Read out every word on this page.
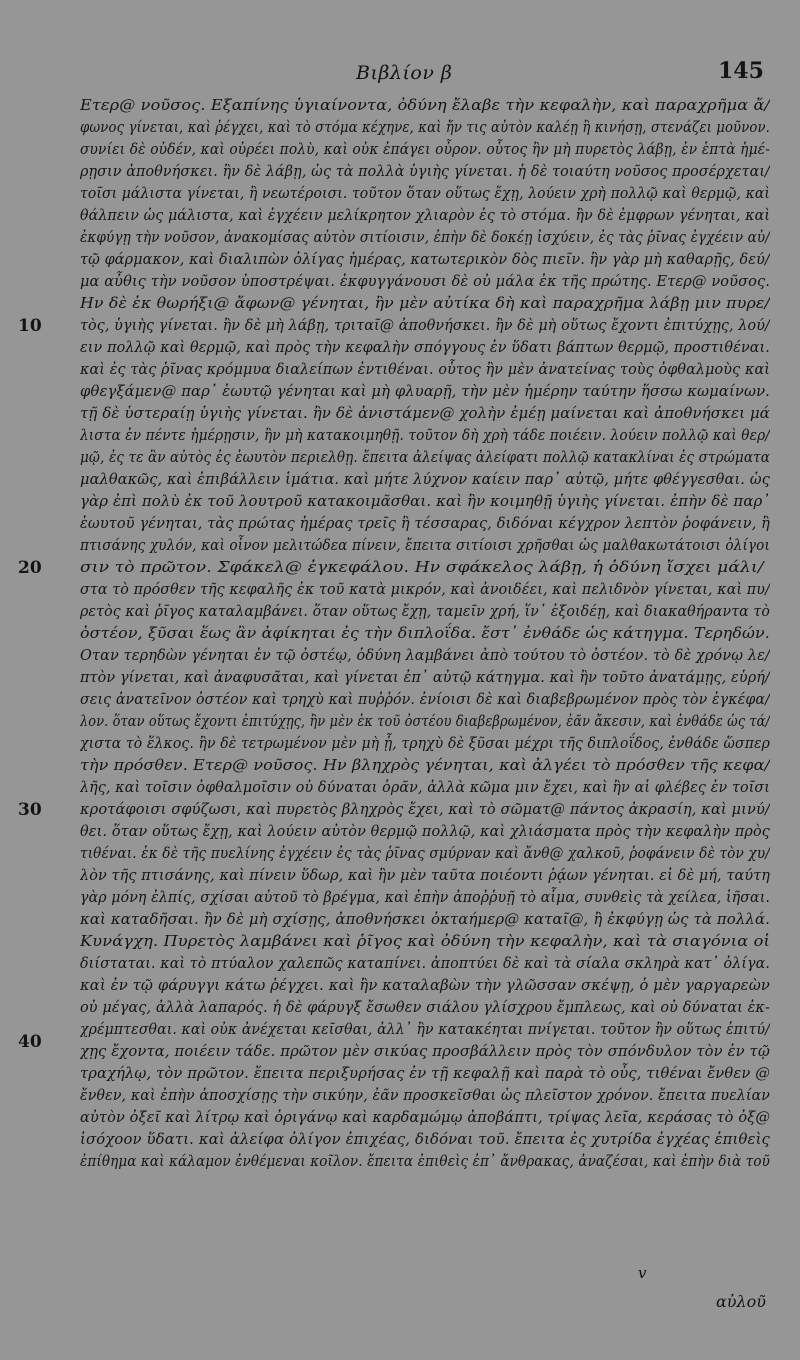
Βιβλίον β	145
10
20
30
40
Ετερ@ νοῦσος. Εξαπίνης ὑγιαίνοντα, ὀδύνη ἔλαβε τὴν κεφαλὴν, καὶ παραχρῆμα ἄ/
φωνος γίνεται, καὶ ῥέγχει, καὶ τὸ στόμα κέχηνε, καὶ ἤν τις αὐτὸν καλέῃ ἢ κινήσῃ, στενάζει μοῦνον.
συνίει δὲ οὐδέν, καὶ οὐρέει πολὺ, καὶ οὐκ ἐπάγει οὖρον. οὗτος ἢν μὴ πυρετὸς λάβῃ, ἐν ἑπτὰ ἡμέ-
ρῃσιν ἀποθνήσκει. ἢν δὲ λάβῃ, ὡς τὰ πολλὰ ὑγιὴς γίνεται. ἡ δὲ τοιαύτη νοῦσος προσέρχεται/
τοῖσι μάλιστα γίνεται, ἢ νεωτέροισι. τοῦτον ὅταν οὕτως ἔχῃ, λούειν χρὴ πολλῷ καὶ θερμῷ, καὶ
θάλπειν ὡς μάλιστα, καὶ ἐγχέειν μελίκρητον χλιαρὸν ἐς τὸ στόμα. ἢν δὲ ἐμφρων γένηται, καὶ
ἐκφύγῃ τὴν νοῦσον, ἀνακομίσας αὐτὸν σιτίοισιν, ἐπὴν δὲ δοκέῃ ἰσχύειν, ἐς τὰς ῥῖνας ἐγχέειν αὐ/
τῷ φάρμακον, καὶ διαλιπὼν ὀλίγας ἡμέρας, κατωτερικὸν δὸς πιεῖν. ἢν γὰρ μὴ καθαρῇς, δεύ/
μα αὖθις τὴν νοῦσον ὑποστρέψαι. ἐκφυγγάνουσι δὲ οὐ μάλα ἐκ τῆς πρώτης. Ετερ@ νοῦσος.
Ην δὲ ἐκ θωρήξι@ ἄφων@ γένηται, ἢν μὲν αὐτίκα δὴ καὶ παραχρῆμα λάβῃ μιν πυρε/
τὸς, ὑγιὴς γίνεται. ἢν δὲ μὴ λάβῃ, τριταῖ@ ἀποθνήσκει. ἢν δὲ μὴ οὕτως ἔχοντι ἐπιτύχῃς, λού/
ειν πολλῷ καὶ θερμῷ, καὶ πρὸς τὴν κεφαλὴν σπόγγους ἐν ὕδατι βάπτων θερμῷ, προστιθέναι.
καὶ ἐς τὰς ῥῖνας κρόμμυα διαλείπων ἐντιθέναι. οὗτος ἢν μὲν ἀνατείνας τοὺς ὀφθαλμοὺς καὶ
φθεγξάμεν@ παρ᾽ ἑωυτῷ γένηται καὶ μὴ φλυαρῇ, τὴν μὲν ἡμέρην ταύτην ἥσσω κωμαίνων.
τῇ δὲ ὑστεραίῃ ὑγιὴς γίνεται. ἢν δὲ ἀνιστάμεν@ χολὴν ἐμέῃ μαίνεται καὶ ἀποθνήσκει μά
λιστα ἐν πέντε ἡμέρῃσιν, ἢν μὴ κατακοιμηθῇ. τοῦτον δὴ χρὴ τάδε ποιέειν. λούειν πολλῷ καὶ θερ/
μῷ, ἐς τε ἂν αὐτὸς ἐς ἑωυτὸν περιελθῃ. ἔπειτα ἀλείψας ἀλείφατι πολλῷ κατακλίναι ἐς στρώματα
μαλθακῶς, καὶ ἐπιβάλλειν ἱμάτια. καὶ μήτε λύχνον καίειν παρ᾽ αὐτῷ, μήτε φθέγγεσθαι. ὡς
γὰρ ἐπὶ πολὺ ἐκ τοῦ λουτροῦ κατακοιμᾶσθαι. καὶ ἢν κοιμηθῇ ὑγιὴς γίνεται. ἐπὴν δὲ παρ᾽
ἑωυτοῦ γένηται, τὰς πρώτας ἡμέρας τρεῖς ἢ τέσσαρας, διδόναι κέγχρον λεπτὸν ῥοφάνειν, ἢ
πτισάνης χυλόν, καὶ οἶνον μελιτώδεα πίνειν, ἔπειτα σιτίοισι χρῆσθαι ὡς μαλθακωτάτοισι ὀλίγοι
σιν τὸ πρῶτον. Σφάκελ@ ἐγκεφάλου. Ην σφάκελος λάβῃ, ἡ ὀδύνη ἴσχει μάλι/
στα τὸ πρόσθεν τῆς κεφαλῆς ἐκ τοῦ κατὰ μικρόν, καὶ ἀνοιδέει, καὶ πελιδνὸν γίνεται, καὶ πυ/
ρετὸς καὶ ῥῖγος καταλαμβάνει. ὅταν οὕτως ἔχῃ, ταμεῖν χρή, ἵν᾽ ἐξοιδέῃ, καὶ διακαθήραντα τὸ
ὀστέον, ξῦσαι ἕως ἂν ἀφίκηται ἐς τὴν διπλοΐδα. ἔστ᾽ ἐνθάδε ὡς κάτηγμα. Τερηδών.
Οταν τερηδὼν γένηται ἐν τῷ ὀστέῳ, ὀδύνη λαμβάνει ἀπὸ τούτου τὸ ὀστέον. τὸ δὲ χρόνῳ λε/
πτὸν γίνεται, καὶ ἀναφυσᾶται, καὶ γίνεται ἐπ᾽ αὐτῷ κάτηγμα. καὶ ἢν τοῦτο ἀνατάμῃς, εὑρή/
σεις ἀνατεῖνον ὀστέον καὶ τρηχὺ καὶ πυῤῥόν. ἐνίοισι δὲ καὶ διαβεβρωμένον πρὸς τὸν ἐγκέφα/
λον. ὅταν οὕτως ἔχοντι ἐπιτύχῃς, ἢν μὲν ἐκ τοῦ ὀστέου διαβεβρωμένον, ἐᾶν ἄκεσιν, καὶ ἐνθάδε ὡς τά/
χιστα τὸ ἕλκος. ἢν δὲ τετρωμένον μὲν μὴ ᾖ, τρηχὺ δὲ ξῦσαι μέχρι τῆς διπλοΐδος, ἐνθάδε ὥσπερ
τὴν πρόσθεν. Ετερ@ νοῦσος. Ην βληχρὸς γένηται, καὶ ἀλγέει τὸ πρόσθεν τῆς κεφα/
λῆς, καὶ τοῖσιν ὀφθαλμοῖσιν οὐ δύναται ὁρᾶν, ἀλλὰ κῶμα μιν ἔχει, καὶ ἢν αἱ φλέβες ἐν τοῖσι
κροτάφοισι σφύζωσι, καὶ πυρετὸς βληχρὸς ἔχει, καὶ τὸ σῶματ@ πάντος ἀκρασίη, καὶ μινύ/
θει. ὅταν οὕτως ἔχῃ, καὶ λούειν αὐτὸν θερμῷ πολλῷ, καὶ χλιάσματα πρὸς τὴν κεφαλὴν πρὸς
τιθέναι. ἐκ δὲ τῆς πυελίνης ἐγχέειν ἐς τὰς ῥῖνας σμύρναν καὶ ἄνθ@ χαλκοῦ, ῥοφάνειν δὲ τὸν χυ/
λὸν τῆς πτισάνης, καὶ πίνειν ὕδωρ, καὶ ἢν μὲν ταῦτα ποιέοντι ῥᾴων γένηται. εἰ δὲ μή, ταύτη
γὰρ μόνη ἐλπίς, σχίσαι αὐτοῦ τὸ βρέγμα, καὶ ἐπὴν ἀποῤῥυῇ τὸ αἷμα, συνθεὶς τὰ χείλεα, ἰῆσαι.
καὶ καταδῆσαι. ἢν δὲ μὴ σχίσῃς, ἀποθνήσκει ὀκταήμερ@ καταῖ@, ἢ ἐκφύγῃ ὡς τὰ πολλά.
Κυνάγχη. Πυρετὸς λαμβάνει καὶ ῥῖγος καὶ ὀδύνη τὴν κεφαλὴν, καὶ τὰ σιαγόνια οἱ
διίσταται. καὶ τὸ πτύαλον χαλεπῶς καταπίνει. ἀποπτύει δὲ καὶ τὰ σίαλα σκληρὰ κατ᾽ ὀλίγα.
καὶ ἐν τῷ φάρυγγι κάτω ῥέγχει. καὶ ἢν καταλαβὼν τὴν γλῶσσαν σκέψῃ, ὁ μὲν γαργαρεὼν
οὐ μέγας, ἀλλὰ λαπαρός. ἡ δὲ φάρυγξ ἔσωθεν σιάλου γλίσχρου ἔμπλεως, καὶ οὐ δύναται ἐκ-
χρέμπτεσθαι. καὶ οὐκ ἀνέχεται κεῖσθαι, ἀλλ᾽ ἢν κατακέηται πνίγεται. τοῦτον ἢν οὕτως ἐπιτύ/
χῃς ἔχοντα, ποιέειν τάδε. πρῶτον μὲν σικύας προσβάλλειν πρὸς τὸν σπόνδυλον τὸν ἐν τῷ
τραχήλῳ, τὸν πρῶτον. ἔπειτα περιξυρήσας ἐν τῇ κεφαλῇ καὶ παρὰ τὸ οὖς, τιθέναι ἔνθεν @
ἔνθεν, καὶ ἐπὴν ἀποσχίσῃς τὴν σικύην, ἐᾶν προσκεῖσθαι ὡς πλεῖστον χρόνον. ἔπειτα πυελίαν
αὐτὸν ὀξεῖ καὶ λίτρῳ καὶ ὀριγάνῳ καὶ καρδαμώμῳ ἀποβάπτι, τρίψας λεῖα, κεράσας τὸ ὀξ@
ἰσόχοον ὕδατι. καὶ ἀλείφα ὀλίγον ἐπιχέας, διδόναι τοῦ. ἔπειτα ἐς χυτρίδα ἐγχέας ἐπιθεὶς
ἐπίθημα καὶ κάλαμον ἐνθέμεναι κοῖλον. ἔπειτα ἐπιθεὶς ἐπ᾽ ἄνθρακας, ἀναζέσαι, καὶ ἐπὴν διὰ τοῦ
v
αὐλοῦ
